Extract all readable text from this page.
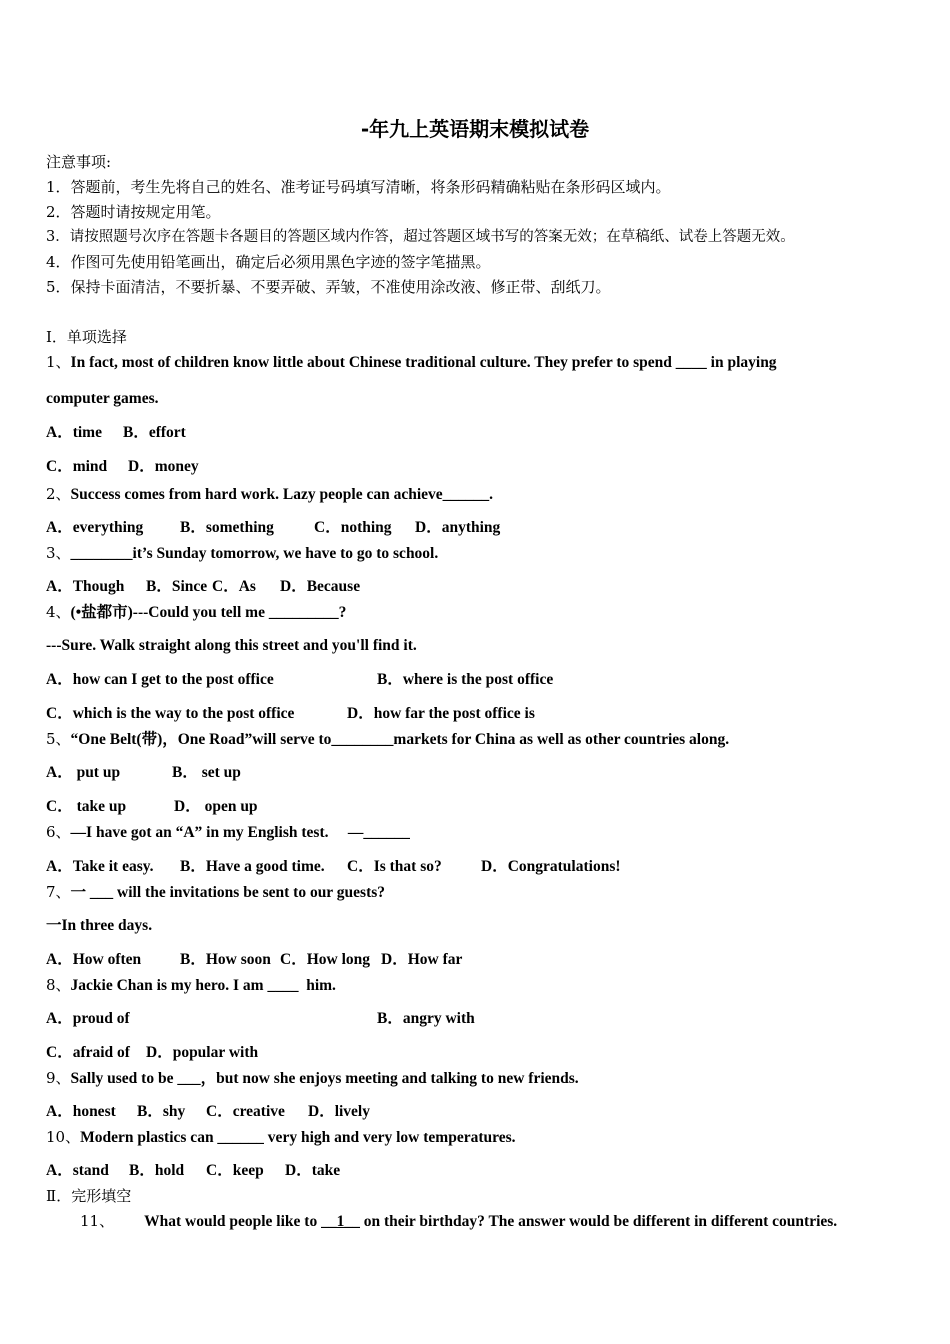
-年九上英语期末模拟试卷
注意事项:
1．答题前，考生先将自己的姓名、准考证号码填写清晰，将条形码精确粘贴在条形码区域内。
2．答题时请按规定用笔。
3．请按照题号次序在答题卡各题目的答题区域内作答，超过答题区域书写的答案无效；在草稿纸、试卷上答题无效。
4．作图可先使用铅笔画出，确定后必须用黑色字迹的签字笔描黑。
5．保持卡面清洁，不要折暴、不要弄破、弄皱，不准使用涂改液、修正带、刮纸刀。
Ⅰ．单项选择
1、In fact, most of children know little about Chinese traditional culture. They prefer to spend ____ in playing
computer games.
A．time B．effort
C．mind D．money
2、Success comes from hard work. Lazy people can achieve______.
A．everything B．something	C．nothing D．anything
3、________it’s Sunday tomorrow, we have to go to school.
A．Though B．Since C．As D．Because
4、(•盐都市)---Could you tell me _________?
---Sure. Walk straight along this street and you'll find it.
A．how can I get to the post office	B．where is the post office
C．which is the way to the post office	D．how far the post office is
5、“One Belt(带)，One Road”will serve to________markets for China as well as other countries along.
A． put up	B． set up
C． take up	D． open up
6、—I have got an “A” in my English test.     —______
A．Take it easy. B．Have a good time. C．Is that so?	D．Congratulations!
7、一 ___ will the invitations be sent to our guests?
一In three days.
A．How often	B．How soon C．How long D．How far
8、Jackie Chan is my hero. I am ____  him.
A．proud of	B．angry with
C．afraid of D．popular with
9、Sally used to be ___，but now she enjoys meeting and talking to new friends.
A．honest B．shy C．creative D．lively
10、Modern plastics can ______ very high and very low temperatures.
A．stand B．hold C．keep D．take
Ⅱ．完形填空
11、 What would people like to __1__ on their birthday? The answer would be different in different countries.
